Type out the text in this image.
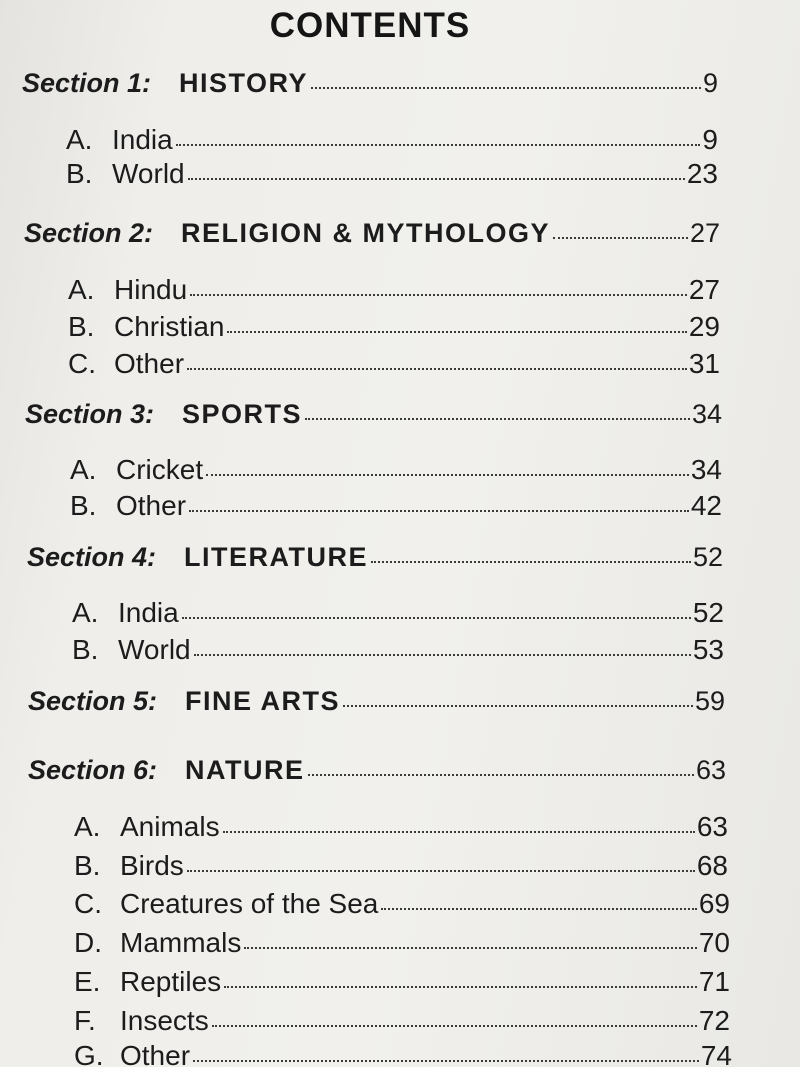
CONTENTS
Section 1: HISTORY	9
A. India	9
B. World	23
Section 2: RELIGION & MYTHOLOGY	27
A. Hindu	27
B. Christian	29
C. Other	31
Section 3: SPORTS	34
A. Cricket	34
B. Other	42
Section 4: LITERATURE	52
A. India	52
B. World	53
Section 5: FINE ARTS	59
Section 6: NATURE	63
A. Animals	63
B. Birds	68
C. Creatures of the Sea	69
D. Mammals	70
E. Reptiles	71
F. Insects	72
G. Other	74
